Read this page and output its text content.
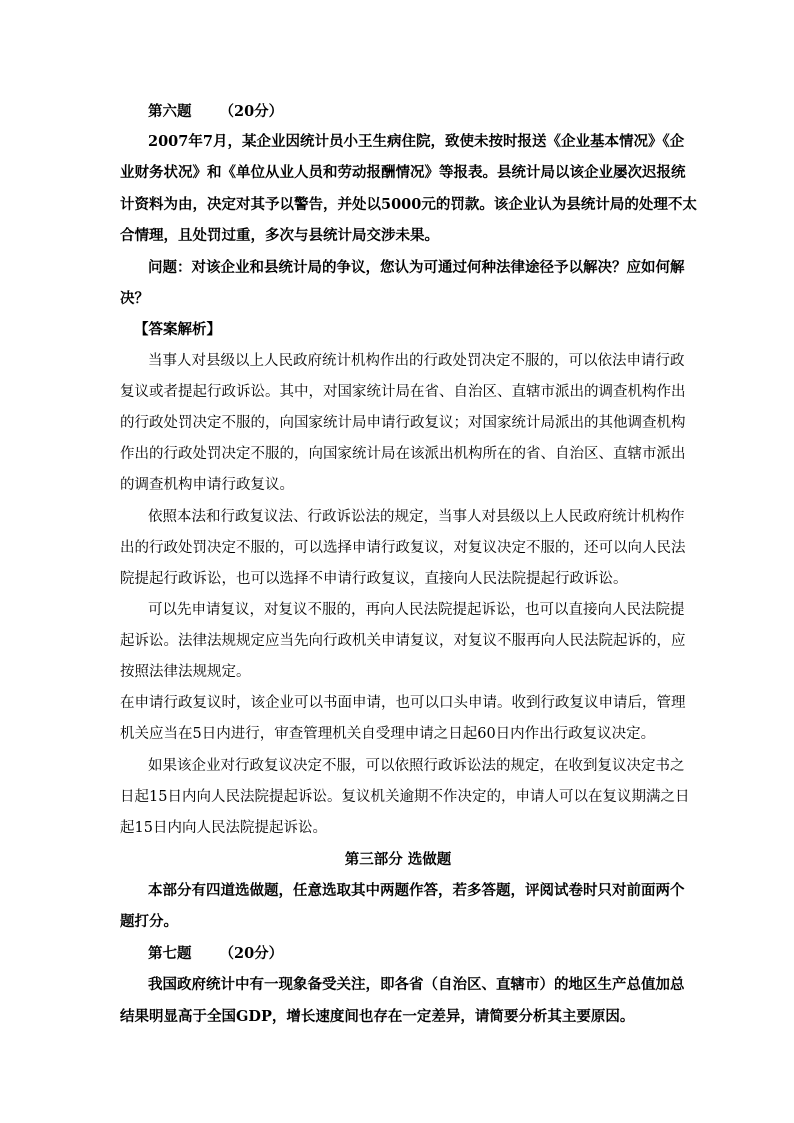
第六题 （20分）
2007年7月，某企业因统计员小王生病住院，致使未按时报送《企业基本情况》《企
业财务状况》和《单位从业人员和劳动报酬情况》等报表。县统计局以该企业屡次迟报统
计资料为由，决定对其予以警告，并处以5000元的罚款。该企业认为县统计局的处理不太
合情理，且处罚过重，多次与县统计局交涉未果。
问题：对该企业和县统计局的争议，您认为可通过何种法律途径予以解决？应如何解
决？
【答案解析】
当事人对县级以上人民政府统计机构作出的行政处罚决定不服的，可以依法申请行政
复议或者提起行政诉讼。其中，对国家统计局在省、自治区、直辖市派出的调查机构作出
的行政处罚决定不服的，向国家统计局申请行政复议；对国家统计局派出的其他调查机构
作出的行政处罚决定不服的，向国家统计局在该派出机构所在的省、自治区、直辖市派出
的调查机构申请行政复议。
依照本法和行政复议法、行政诉讼法的规定，当事人对县级以上人民政府统计机构作
出的行政处罚决定不服的，可以选择申请行政复议，对复议决定不服的，还可以向人民法
院提起行政诉讼，也可以选择不申请行政复议，直接向人民法院提起行政诉讼。
可以先申请复议，对复议不服的，再向人民法院提起诉讼，也可以直接向人民法院提
起诉讼。法律法规规定应当先向行政机关申请复议，对复议不服再向人民法院起诉的，应
按照法律法规规定。
在申请行政复议时，该企业可以书面申请，也可以口头申请。收到行政复议申请后，管理
机关应当在5日内进行，审查管理机关自受理申请之日起60日内作出行政复议决定。
如果该企业对行政复议决定不服，可以依照行政诉讼法的规定，在收到复议决定书之
日起15日内向人民法院提起诉讼。复议机关逾期不作决定的，申请人可以在复议期满之日
起15日内向人民法院提起诉讼。
第三部分 选做题
本部分有四道选做题，任意选取其中两题作答，若多答题，评阅试卷时只对前面两个
题打分。
第七题 （20分）
我国政府统计中有一现象备受关注，即各省（自治区、直辖市）的地区生产总值加总
结果明显高于全国GDP，增长速度间也存在一定差异，请简要分析其主要原因。
